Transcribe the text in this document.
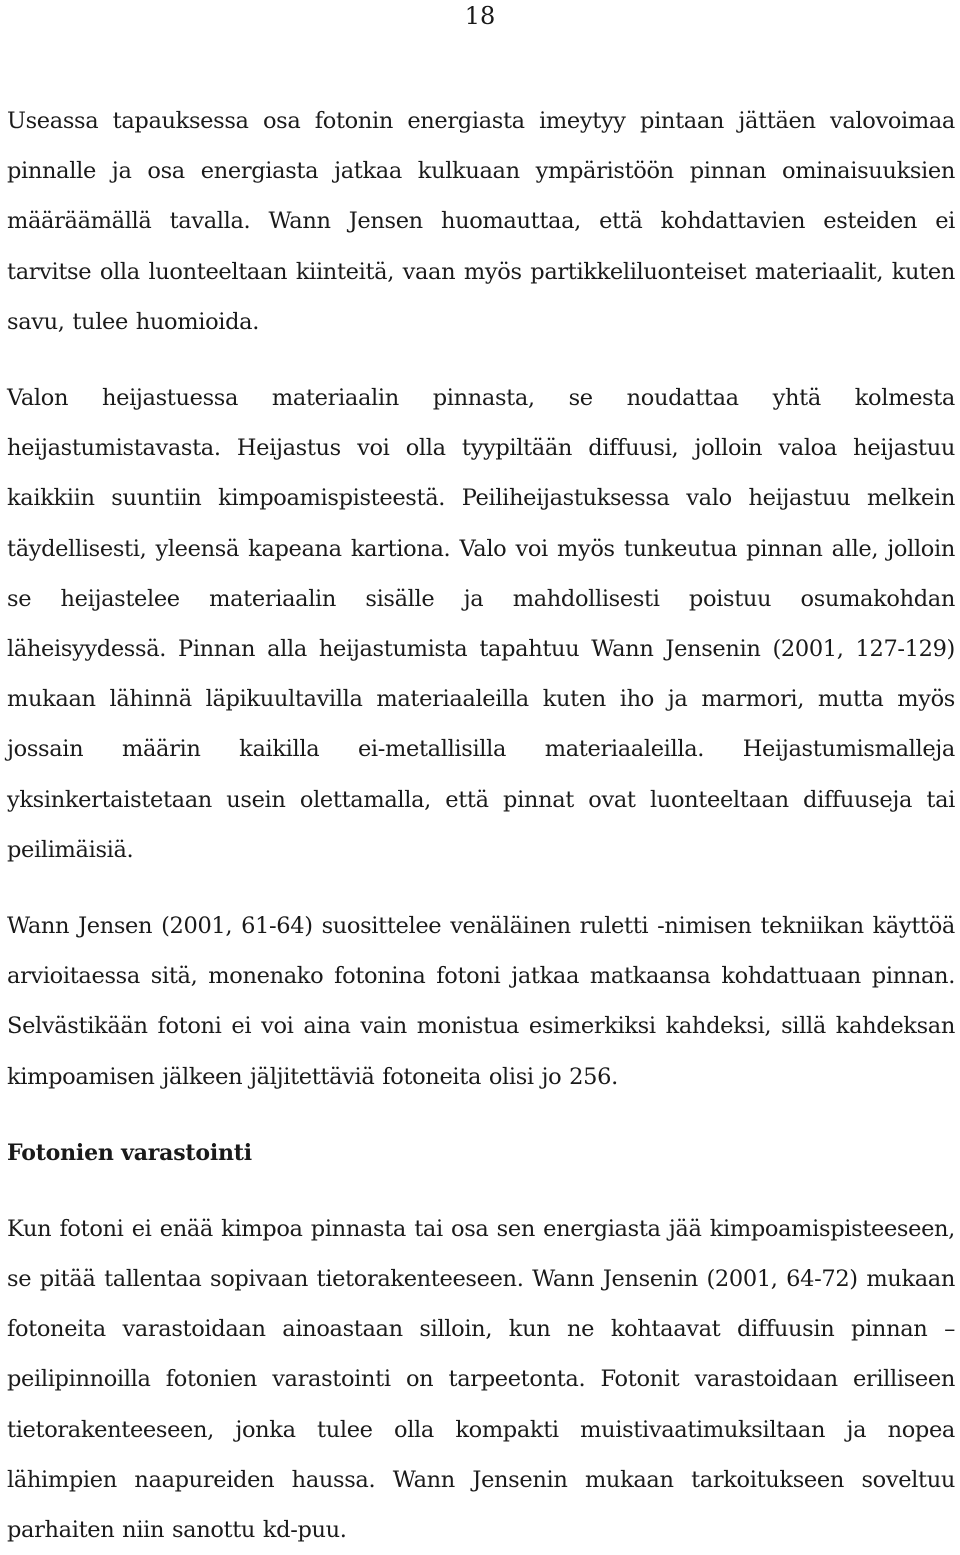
18

Useassa tapauksessa osa fotonin energiasta imeytyy pintaan jättäen valovoimaa pinnalle ja osa energiasta jatkaa kulkuaan ympäristöön pinnan ominaisuuksien määräämällä tavalla. Wann Jensen huomauttaa, että kohdattavien esteiden ei tarvitse olla luonteeltaan kiinteitä, vaan myös partikkeliluonteiset materiaalit, kuten savu, tulee huomioida.

Valon heijastuessa materiaalin pinnasta, se noudattaa yhtä kolmesta heijastumistavasta. Heijastus voi olla tyypiltään diffuusi, jolloin valoa heijastuu kaikkiin suuntiin kimpoamispisteestä. Peiliheijastuksessa valo heijastuu melkein täydellisesti, yleensä kapeana kartiona. Valo voi myös tunkeutua pinnan alle, jolloin se heijastelee materiaalin sisälle ja mahdollisesti poistuu osumakohdan läheisyydessä. Pinnan alla heijastumista tapahtuu Wann Jensenin (2001, 127-129) mukaan lähinnä läpikuultavilla materiaaleilla kuten iho ja marmori, mutta myös jossain määrin kaikilla ei-metallisilla materiaaleilla. Heijastumismalleja yksinkertaistetaan usein olettamalla, että pinnat ovat luonteeltaan diffuuseja tai peilimäisiä.

Wann Jensen (2001, 61-64) suosittelee venäläinen ruletti -nimisen tekniikan käyttöä arvioitaessa sitä, monenako fotonina fotoni jatkaa matkaansa kohdattuaan pinnan. Selvästikään fotoni ei voi aina vain monistua esimerkiksi kahdeksi, sillä kahdeksan kimpoamisen jälkeen jäljitettäviä fotoneita olisi jo 256.

Fotonien varastointi

Kun fotoni ei enää kimpoa pinnasta tai osa sen energiasta jää kimpoamispisteeseen, se pitää tallentaa sopivaan tietorakenteeseen. Wann Jensenin (2001, 64-72) mukaan fotoneita varastoidaan ainoastaan silloin, kun ne kohtaavat diffuusin pinnan – peilipinnoilla fotonien varastointi on tarpeetonta. Fotonit varastoidaan erilliseen tietorakenteeseen, jonka tulee olla kompakti muistivaatimuksiltaan ja nopea lähimpien naapureiden haussa. Wann Jensenin mukaan tarkoitukseen soveltuu parhaiten niin sanottu kd-puu.
